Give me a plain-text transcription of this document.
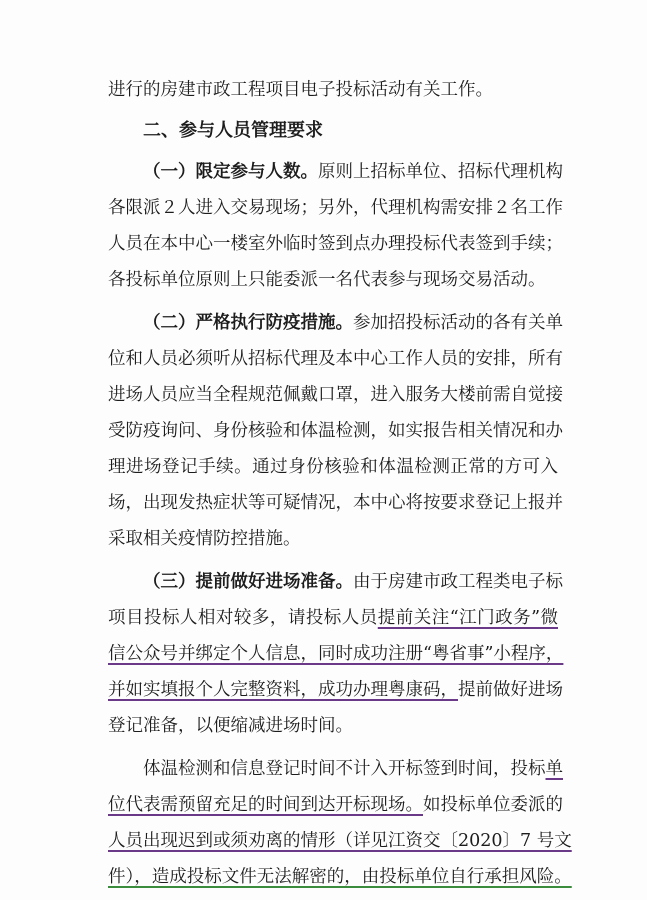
进行的房建市政工程项目电子投标活动有关工作。
二、参与人员管理要求
（一）限定参与人数。原则上招标单位、招标代理机构
各限派２人进入交易现场；另外，代理机构需安排２名工作
人员在本中心一楼室外临时签到点办理投标代表签到手续；
各投标单位原则上只能委派一名代表参与现场交易活动。
（二）严格执行防疫措施。参加招投标活动的各有关单
位和人员必须听从招标代理及本中心工作人员的安排，所有
进场人员应当全程规范佩戴口罩，进入服务大楼前需自觉接
受防疫询问、身份核验和体温检测，如实报告相关情况和办
理进场登记手续。通过身份核验和体温检测正常的方可入
场，出现发热症状等可疑情况，本中心将按要求登记上报并
采取相关疫情防控措施。
（三）提前做好进场准备。由于房建市政工程类电子标
项目投标人相对较多，请投标人员提前关注“江门政务”微
信公众号并绑定个人信息，同时成功注册“粤省事”小程序，
并如实填报个人完整资料，成功办理粤康码，提前做好进场
登记准备，以便缩减进场时间。
体温检测和信息登记时间不计入开标签到时间，投标单
位代表需预留充足的时间到达开标现场。如投标单位委派的
人员出现迟到或须劝离的情形（详见江资交〔2020〕7 号文
件），造成投标文件无法解密的，由投标单位自行承担风险。
